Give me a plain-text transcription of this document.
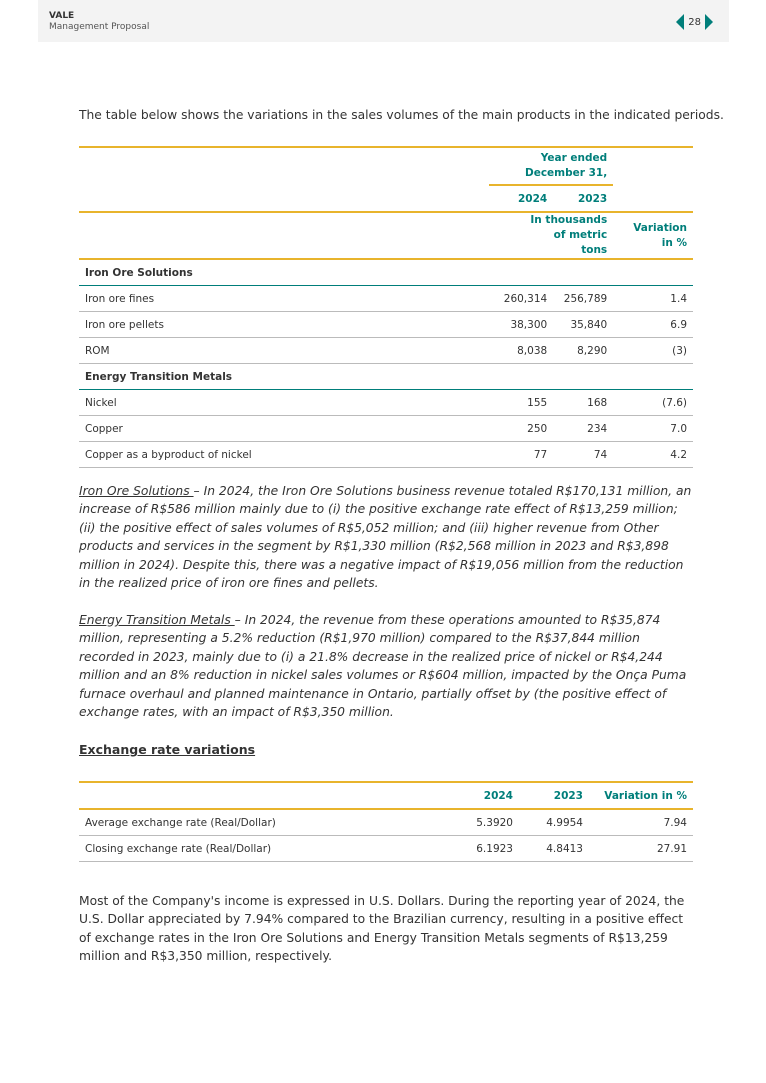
VALE
Management Proposal	28
The table below shows the variations in the sales volumes of the main products in the indicated periods.
	Year ended December 31,		
	2024	2023	
	In thousands of metric tons		Variation in %
Iron Ore Solutions			
Iron ore fines	260,314	256,789	1.4
Iron ore pellets	38,300	35,840	6.9
ROM	8,038	8,290	(3)
Energy Transition Metals			
Nickel	155	168	(7.6)
Copper	250	234	7.0
Copper as a byproduct of nickel	77	74	4.2
Iron Ore Solutions – In 2024, the Iron Ore Solutions business revenue totaled R$170,131 million, an increase of R$586 million mainly due to (i) the positive exchange rate effect of R$13,259 million; (ii) the positive effect of sales volumes of R$5,052 million; and (iii) higher revenue from Other products and services in the segment by R$1,330 million (R$2,568 million in 2023 and R$3,898 million in 2024). Despite this, there was a negative impact of R$19,056 million from the reduction in the realized price of iron ore fines and pellets.
Energy Transition Metals – In 2024, the revenue from these operations amounted to R$35,874 million, representing a 5.2% reduction (R$1,970 million) compared to the R$37,844 million recorded in 2023, mainly due to (i) a 21.8% decrease in the realized price of nickel or R$4,244 million and an 8% reduction in nickel sales volumes or R$604 million, impacted by the Onça Puma furnace overhaul and planned maintenance in Ontario, partially offset by (the positive effect of exchange rates, with an impact of R$3,350 million.
Exchange rate variations
	2024	2023	Variation in %
Average exchange rate (Real/Dollar)	5.3920	4.9954	7.94
Closing exchange rate (Real/Dollar)	6.1923	4.8413	27.91
Most of the Company's income is expressed in U.S. Dollars. During the reporting year of 2024, the U.S. Dollar appreciated by 7.94% compared to the Brazilian currency, resulting in a positive effect of exchange rates in the Iron Ore Solutions and Energy Transition Metals segments of R$13,259 million and R$3,350 million, respectively.
